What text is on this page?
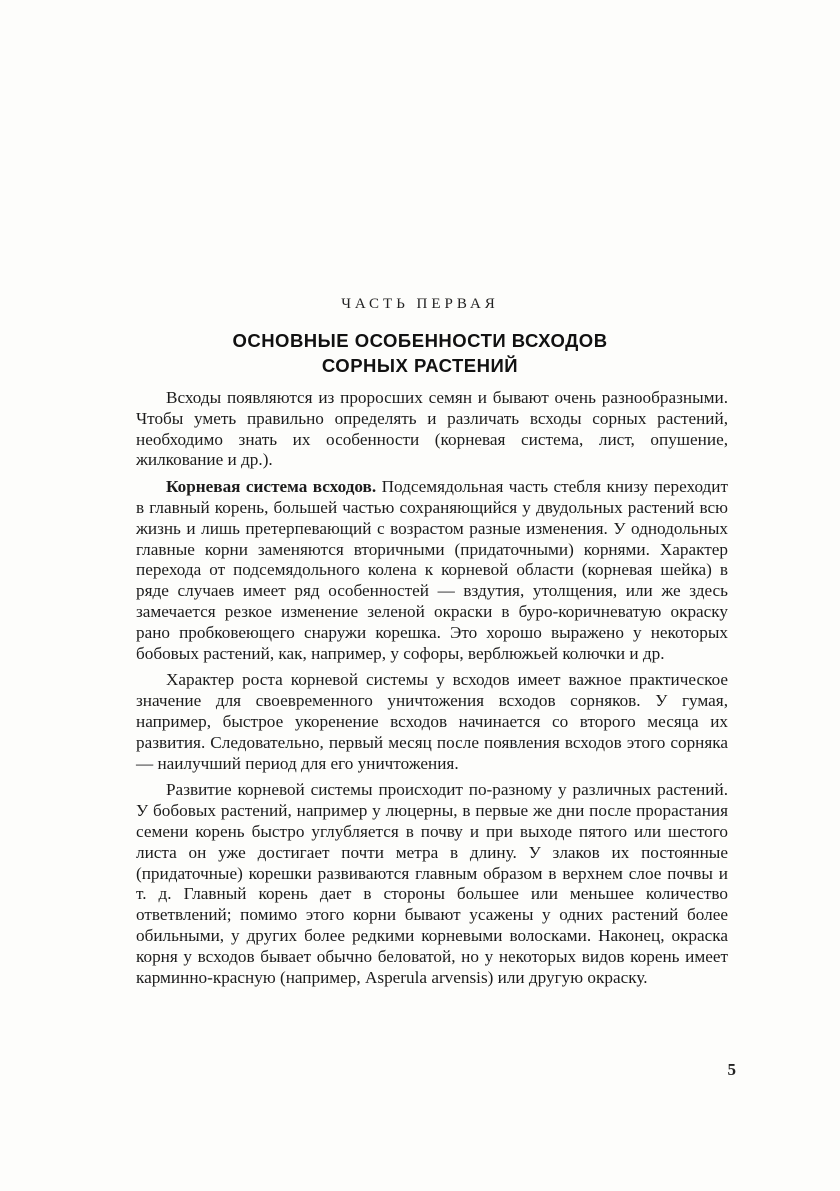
ЧАСТЬ ПЕРВАЯ
ОСНОВНЫЕ ОСОБЕННОСТИ ВСХОДОВ
СОРНЫХ РАСТЕНИЙ

Всходы появляются из проросших семян и бывают очень разнообразными. Чтобы уметь правильно определять и различать всходы сорных растений, необходимо знать их особенности (корневая система, лист, опушение, жилкование и др.).

Корневая система всходов. Подсемядольная часть стебля книзу переходит в главный корень, большей частью сохраняющийся у двудольных растений всю жизнь и лишь претерпевающий с возрастом разные изменения. У однодольных главные корни заменяются вторичными (придаточными) корнями. Характер перехода от подсемядольного колена к корневой области (корневая шейка) в ряде случаев имеет ряд особенностей — вздутия, утолщения, или же здесь замечается резкое изменение зеленой окраски в буро-коричневатую окраску рано пробковеющего снаружи корешка. Это хорошо выражено у некоторых бобовых растений, как, например, у софоры, верблюжьей колючки и др.

Характер роста корневой системы у всходов имеет важное практическое значение для своевременного уничтожения всходов сорняков. У гумая, например, быстрое укоренение всходов начинается со второго месяца их развития. Следовательно, первый месяц после появления всходов этого сорняка — наилучший период для его уничтожения.

Развитие корневой системы происходит по-разному у различных растений. У бобовых растений, например у люцерны, в первые же дни после прорастания семени корень быстро углубляется в почву и при выходе пятого или шестого листа он уже достигает почти метра в длину. У злаков их постоянные (придаточные) корешки развиваются главным образом в верхнем слое почвы и т. д. Главный корень дает в стороны большее или меньшее количество ответвлений; помимо этого корни бывают усажены у одних растений более обильными, у других более редкими корневыми волосками. Наконец, окраска корня у всходов бывает обычно беловатой, но у некоторых видов корень имеет карминно-красную (например, Asperula arvensis) или другую окраску.

5
